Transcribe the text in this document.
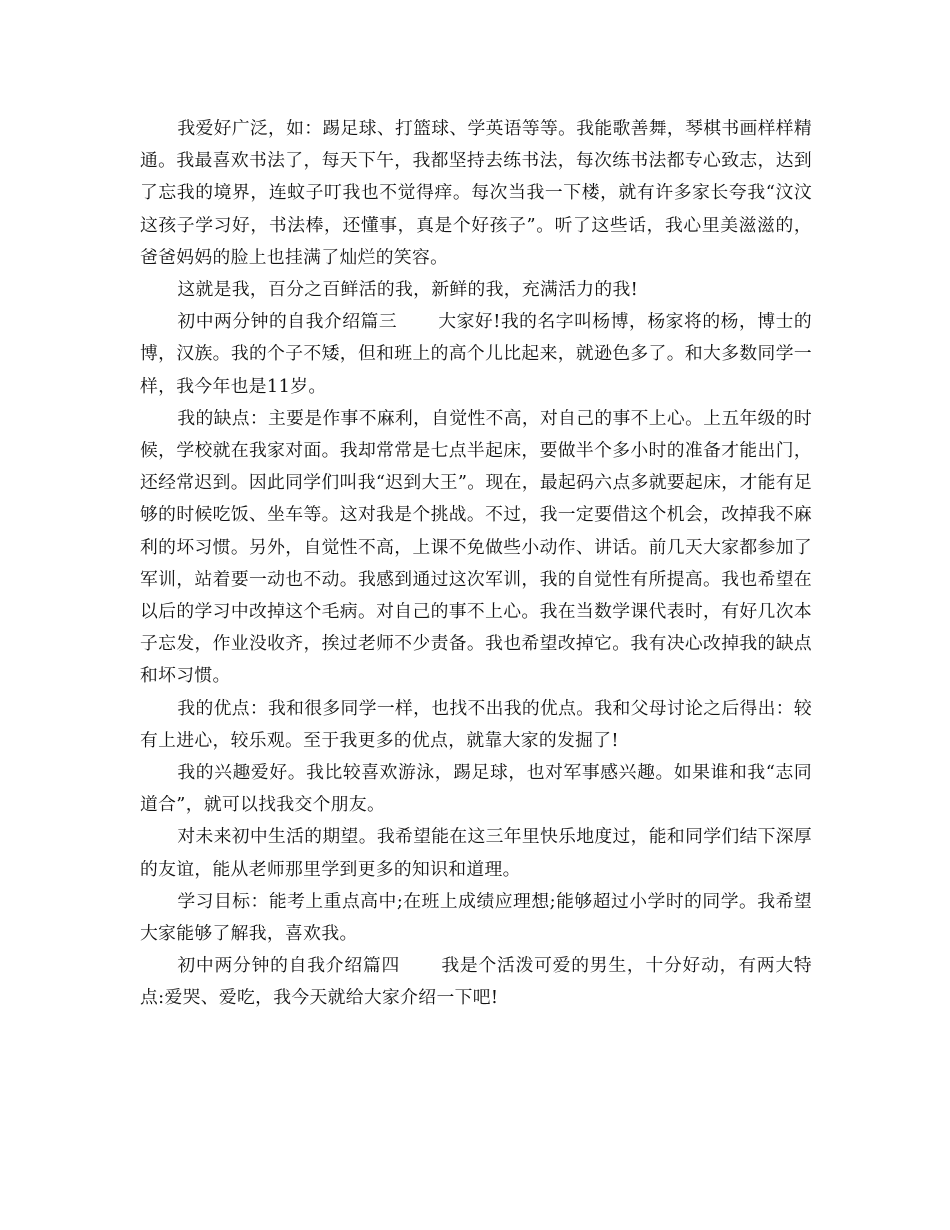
我爱好广泛，如：踢足球、打篮球、学英语等等。我能歌善舞，琴棋书画样样精通。我最喜欢书法了，每天下午，我都坚持去练书法，每次练书法都专心致志，达到了忘我的境界，连蚊子叮我也不觉得痒。每次当我一下楼，就有许多家长夸我“汶汶这孩子学习好，书法棒，还懂事，真是个好孩子”。听了这些话，我心里美滋滋的，爸爸妈妈的脸上也挂满了灿烂的笑容。

这就是我，百分之百鲜活的我，新鲜的我，充满活力的我!

初中两分钟的自我介绍篇三 大家好!我的名字叫杨博，杨家将的杨，博士的博，汉族。我的个子不矮，但和班上的高个儿比起来，就逊色多了。和大多数同学一样，我今年也是11岁。

我的缺点：主要是作事不麻利，自觉性不高，对自己的事不上心。上五年级的时候，学校就在我家对面。我却常常是七点半起床，要做半个多小时的准备才能出门，还经常迟到。因此同学们叫我“迟到大王”。现在，最起码六点多就要起床，才能有足够的时候吃饭、坐车等。这对我是个挑战。不过，我一定要借这个机会，改掉我不麻利的坏习惯。另外，自觉性不高，上课不免做些小动作、讲话。前几天大家都参加了军训，站着要一动也不动。我感到通过这次军训，我的自觉性有所提高。我也希望在以后的学习中改掉这个毛病。对自己的事不上心。我在当数学课代表时，有好几次本子忘发，作业没收齐，挨过老师不少责备。我也希望改掉它。我有决心改掉我的缺点和坏习惯。

我的优点：我和很多同学一样，也找不出我的优点。我和父母讨论之后得出：较有上进心，较乐观。至于我更多的优点，就靠大家的发掘了!

我的兴趣爱好。我比较喜欢游泳，踢足球，也对军事感兴趣。如果谁和我“志同道合”，就可以找我交个朋友。

对未来初中生活的期望。我希望能在这三年里快乐地度过，能和同学们结下深厚的友谊，能从老师那里学到更多的知识和道理。

学习目标：能考上重点高中;在班上成绩应理想;能够超过小学时的同学。我希望大家能够了解我，喜欢我。

初中两分钟的自我介绍篇四 我是个活泼可爱的男生，十分好动，有两大特点:爱哭、爱吃，我今天就给大家介绍一下吧!
